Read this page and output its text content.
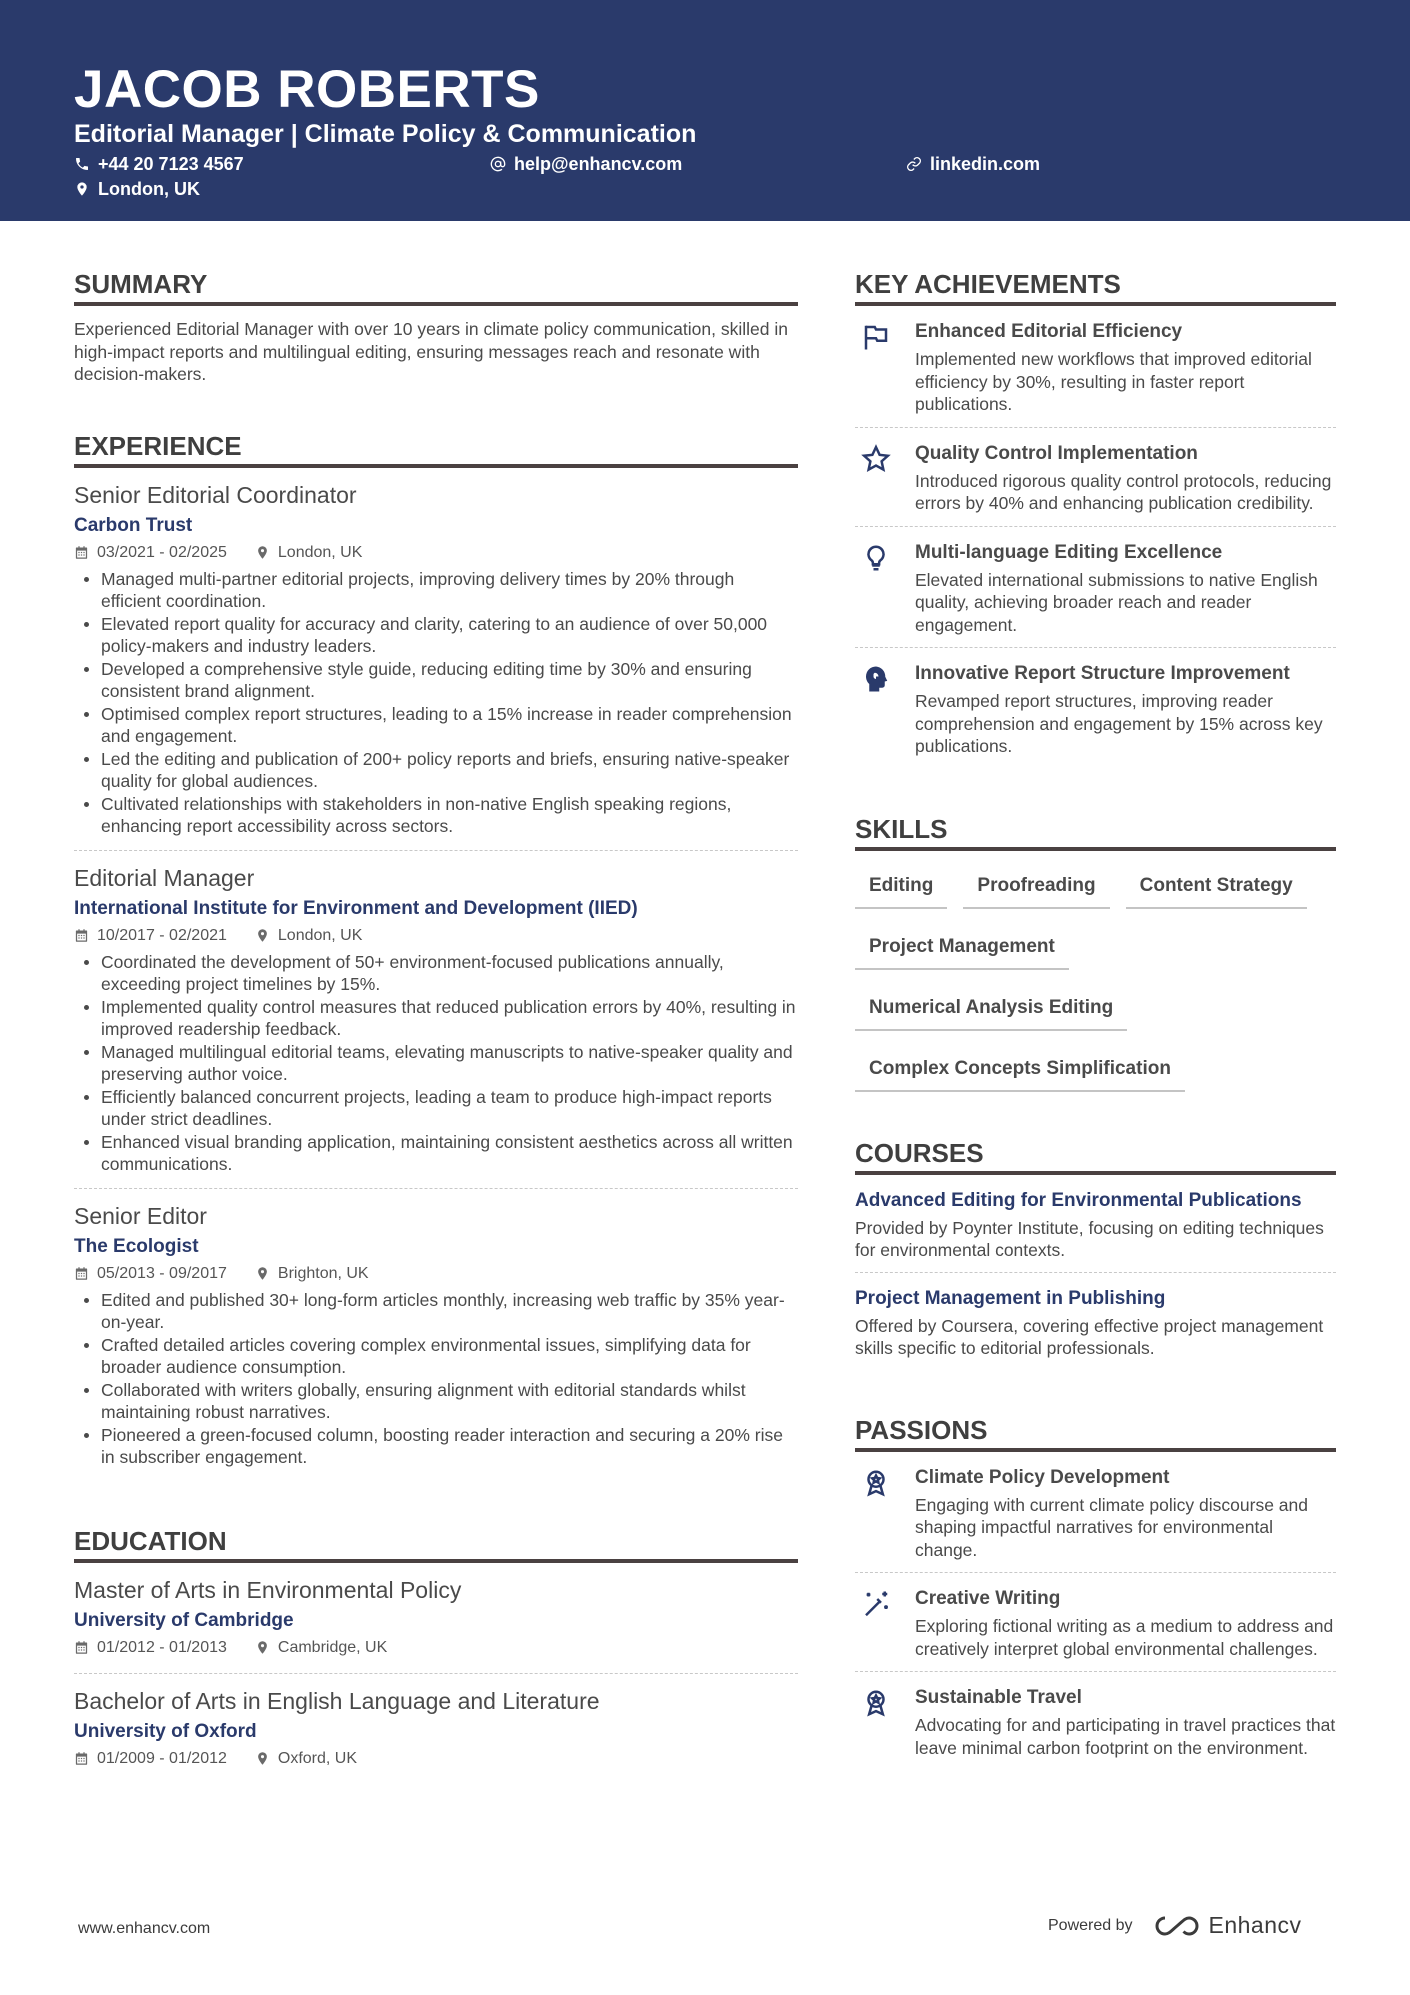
JACOB ROBERTS
Editorial Manager | Climate Policy & Communication
+44 20 7123 4567	help@enhancv.com	linkedin.com
London, UK
SUMMARY
Experienced Editorial Manager with over 10 years in climate policy communication, skilled in high-impact reports and multilingual editing, ensuring messages reach and resonate with decision-makers.
EXPERIENCE
Senior Editorial Coordinator
Carbon Trust
03/2021 - 02/2025	London, UK
Managed multi-partner editorial projects, improving delivery times by 20% through efficient coordination.
Elevated report quality for accuracy and clarity, catering to an audience of over 50,000 policy-makers and industry leaders.
Developed a comprehensive style guide, reducing editing time by 30% and ensuring consistent brand alignment.
Optimised complex report structures, leading to a 15% increase in reader comprehension and engagement.
Led the editing and publication of 200+ policy reports and briefs, ensuring native-speaker quality for global audiences.
Cultivated relationships with stakeholders in non-native English speaking regions, enhancing report accessibility across sectors.
Editorial Manager
International Institute for Environment and Development (IIED)
10/2017 - 02/2021	London, UK
Coordinated the development of 50+ environment-focused publications annually, exceeding project timelines by 15%.
Implemented quality control measures that reduced publication errors by 40%, resulting in improved readership feedback.
Managed multilingual editorial teams, elevating manuscripts to native-speaker quality and preserving author voice.
Efficiently balanced concurrent projects, leading a team to produce high-impact reports under strict deadlines.
Enhanced visual branding application, maintaining consistent aesthetics across all written communications.
Senior Editor
The Ecologist
05/2013 - 09/2017	Brighton, UK
Edited and published 30+ long-form articles monthly, increasing web traffic by 35% year-on-year.
Crafted detailed articles covering complex environmental issues, simplifying data for broader audience consumption.
Collaborated with writers globally, ensuring alignment with editorial standards whilst maintaining robust narratives.
Pioneered a green-focused column, boosting reader interaction and securing a 20% rise in subscriber engagement.
EDUCATION
Master of Arts in Environmental Policy
University of Cambridge
01/2012 - 01/2013	Cambridge, UK
Bachelor of Arts in English Language and Literature
University of Oxford
01/2009 - 01/2012	Oxford, UK
KEY ACHIEVEMENTS
Enhanced Editorial Efficiency
Implemented new workflows that improved editorial efficiency by 30%, resulting in faster report publications.
Quality Control Implementation
Introduced rigorous quality control protocols, reducing errors by 40% and enhancing publication credibility.
Multi-language Editing Excellence
Elevated international submissions to native English quality, achieving broader reach and reader engagement.
Innovative Report Structure Improvement
Revamped report structures, improving reader comprehension and engagement by 15% across key publications.
SKILLS
Editing	Proofreading	Content Strategy
Project Management
Numerical Analysis Editing
Complex Concepts Simplification
COURSES
Advanced Editing for Environmental Publications
Provided by Poynter Institute, focusing on editing techniques for environmental contexts.
Project Management in Publishing
Offered by Coursera, covering effective project management skills specific to editorial professionals.
PASSIONS
Climate Policy Development
Engaging with current climate policy discourse and shaping impactful narratives for environmental change.
Creative Writing
Exploring fictional writing as a medium to address and creatively interpret global environmental challenges.
Sustainable Travel
Advocating for and participating in travel practices that leave minimal carbon footprint on the environment.
www.enhancv.com	Powered by	Enhancv
